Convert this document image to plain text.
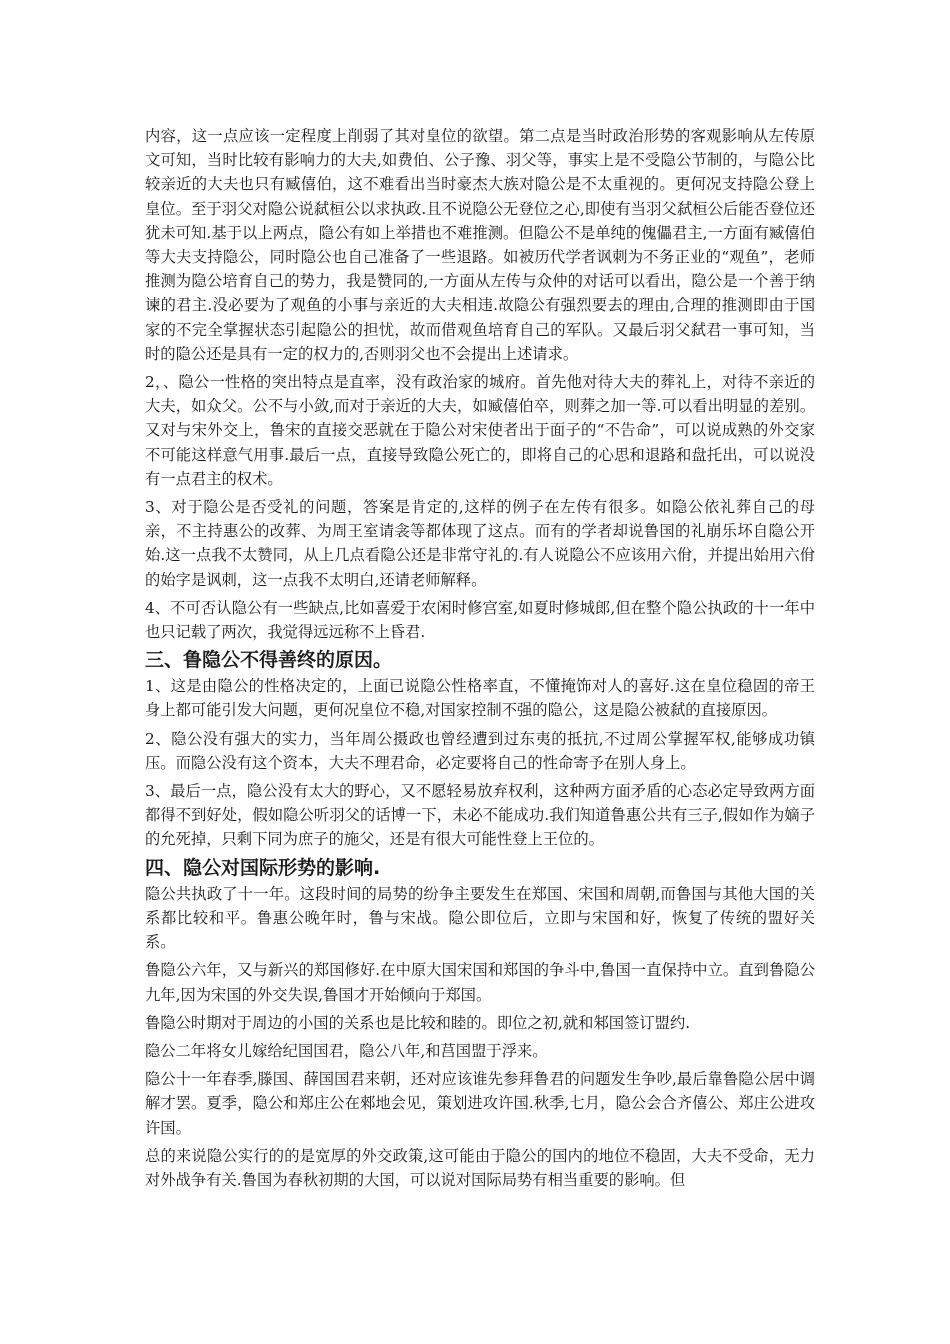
内容，这一点应该一定程度上削弱了其对皇位的欲望。第二点是当时政治形势的客观影响从左传原文可知，当时比较有影响力的大夫,如费伯、公子豫、羽父等，事实上是不受隐公节制的，与隐公比较亲近的大夫也只有臧僖伯，这不难看出当时豪杰大族对隐公是不太重视的。更何况支持隐公登上皇位。至于羽父对隐公说弑桓公以求执政.且不说隐公无登位之心,即使有当羽父弑桓公后能否登位还犹未可知.基于以上两点，隐公有如上举措也不难推测。但隐公不是单纯的傀儡君主,一方面有臧僖伯等大夫支持隐公，同时隐公也自己准备了一些退路。如被历代学者讽刺为不务正业的“观鱼”，老师推测为隐公培育自己的势力，我是赞同的,一方面从左传与众仲的对话可以看出，隐公是一个善于纳谏的君主.没必要为了观鱼的小事与亲近的大夫相违.故隐公有强烈要去的理由,合理的推测即由于国家的不完全掌握状态引起隐公的担忧，故而借观鱼培育自己的军队。又最后羽父弑君一事可知，当时的隐公还是具有一定的权力的,否则羽父也不会提出上述请求。

2，、隐公一性格的突出特点是直率，没有政治家的城府。首先他对待大夫的葬礼上，对待不亲近的大夫，如众父。公不与小敛,而对于亲近的大夫，如臧僖伯卒，则葬之加一等.可以看出明显的差别。又对与宋外交上，鲁宋的直接交恶就在于隐公对宋使者出于面子的“不告命”，可以说成熟的外交家不可能这样意气用事.最后一点，直接导致隐公死亡的，即将自己的心思和退路和盘托出，可以说没有一点君主的权术。

3、对于隐公是否受礼的问题，答案是肯定的,这样的例子在左传有很多。如隐公依礼葬自己的母亲，不主持惠公的改葬、为周王室请衾等都体现了这点。而有的学者却说鲁国的礼崩乐坏自隐公开始.这一点我不太赞同，从上几点看隐公还是非常守礼的.有人说隐公不应该用六佾，并提出始用六佾的始字是讽刺，这一点我不太明白,还请老师解释。

4、不可否认隐公有一些缺点,比如喜爱于农闲时修宫室,如夏时修城郎,但在整个隐公执政的十一年中也只记载了两次，我觉得远远称不上昏君.

三、鲁隐公不得善终的原因。

1、这是由隐公的性格决定的，上面已说隐公性格率直，不懂掩饰对人的喜好.这在皇位稳固的帝王身上都可能引发大问题，更何况皇位不稳,对国家控制不强的隐公，这是隐公被弑的直接原因。

2、隐公没有强大的实力，当年周公摄政也曾经遭到过东夷的抵抗,不过周公掌握军权,能够成功镇压。而隐公没有这个资本，大夫不理君命，必定要将自己的性命寄予在别人身上。

3、最后一点，隐公没有太大的野心，又不愿轻易放弃权利，这种两方面矛盾的心态必定导致两方面都得不到好处，假如隐公听羽父的话博一下，未必不能成功.我们知道鲁惠公共有三子,假如作为嫡子的允死掉，只剩下同为庶子的施父，还是有很大可能性登上王位的。

四、隐公对国际形势的影响.

隐公共执政了十一年。这段时间的局势的纷争主要发生在郑国、宋国和周朝,而鲁国与其他大国的关系都比较和平。鲁惠公晚年时，鲁与宋战。隐公即位后，立即与宋国和好，恢复了传统的盟好关系。

鲁隐公六年，又与新兴的郑国修好.在中原大国宋国和郑国的争斗中,鲁国一直保持中立。直到鲁隐公九年,因为宋国的外交失误,鲁国才开始倾向于郑国。

鲁隐公时期对于周边的小国的关系也是比较和睦的。即位之初,就和邾国签订盟约.

隐公二年将女儿嫁给纪国国君，隐公八年,和莒国盟于浮来。

隐公十一年春季,滕国、薛国国君来朝，还对应该谁先参拜鲁君的问题发生争吵,最后靠鲁隐公居中调解才罢。夏季，隐公和郑庄公在郲地会见，策划进攻许国.秋季,七月，隐公会合齐僖公、郑庄公进攻许国。

总的来说隐公实行的的是宽厚的外交政策,这可能由于隐公的国内的地位不稳固，大夫不受命，无力对外战争有关.鲁国为春秋初期的大国，可以说对国际局势有相当重要的影响。但
